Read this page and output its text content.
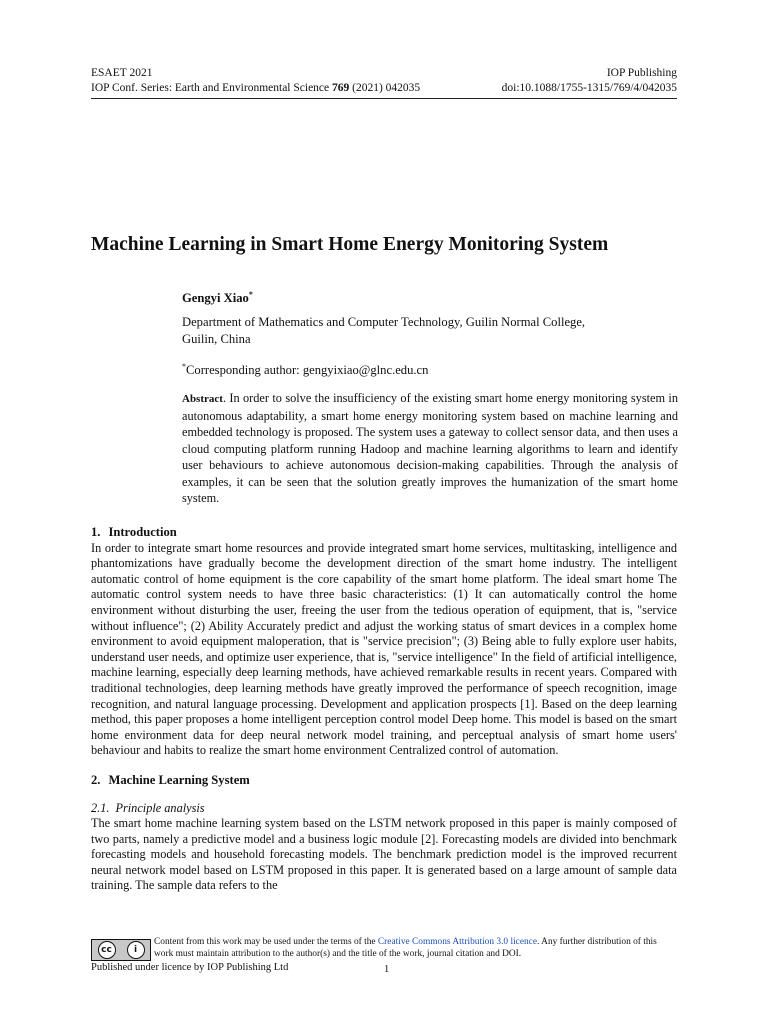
ESAET 2021	IOP Publishing
IOP Conf. Series: Earth and Environmental Science 769 (2021) 042035	doi:10.1088/1755-1315/769/4/042035
Machine Learning in Smart Home Energy Monitoring System
Gengyi Xiao*
Department of Mathematics and Computer Technology, Guilin Normal College,
Guilin, China
*Corresponding author: gengyixiao@glnc.edu.cn
Abstract. In order to solve the insufficiency of the existing smart home energy monitoring system in autonomous adaptability, a smart home energy monitoring system based on machine learning and embedded technology is proposed. The system uses a gateway to collect sensor data, and then uses a cloud computing platform running Hadoop and machine learning algorithms to learn and identify user behaviours to achieve autonomous decision-making capabilities. Through the analysis of examples, it can be seen that the solution greatly improves the humanization of the smart home system.

1. Introduction

In order to integrate smart home resources and provide integrated smart home services, multitasking, intelligence and phantomizations have gradually become the development direction of the smart home industry. The intelligent automatic control of home equipment is the core capability of the smart home platform. The ideal smart home The automatic control system needs to have three basic characteristics: (1) It can automatically control the home environment without disturbing the user, freeing the user from the tedious operation of equipment, that is, "service without influence"; (2) Ability Accurately predict and adjust the working status of smart devices in a complex home environment to avoid equipment maloperation, that is "service precision"; (3) Being able to fully explore user habits, understand user needs, and optimize user experience, that is, "service intelligence" In the field of artificial intelligence, machine learning, especially deep learning methods, have achieved remarkable results in recent years. Compared with traditional technologies, deep learning methods have greatly improved the performance of speech recognition, image recognition, and natural language processing. Development and application prospects [1]. Based on the deep learning method, this paper proposes a home intelligent perception control model Deep home. This model is based on the smart home environment data for deep neural network model training, and perceptual analysis of smart home users' behaviour and habits to realize the smart home environment Centralized control of automation.

2. Machine Learning System

2.1. Principle analysis

The smart home machine learning system based on the LSTM network proposed in this paper is mainly composed of two parts, namely a predictive model and a business logic module [2]. Forecasting models are divided into benchmark forecasting models and household forecasting models. The benchmark prediction model is the improved recurrent neural network model based on LSTM proposed in this paper. It is generated based on a large amount of sample data training. The sample data refers to the

cc	i
Content from this work may be used under the terms of the Creative Commons Attribution 3.0 licence. Any further distribution of this work must maintain attribution to the author(s) and the title of the work, journal citation and DOI.
Published under licence by IOP Publishing Ltd	1
